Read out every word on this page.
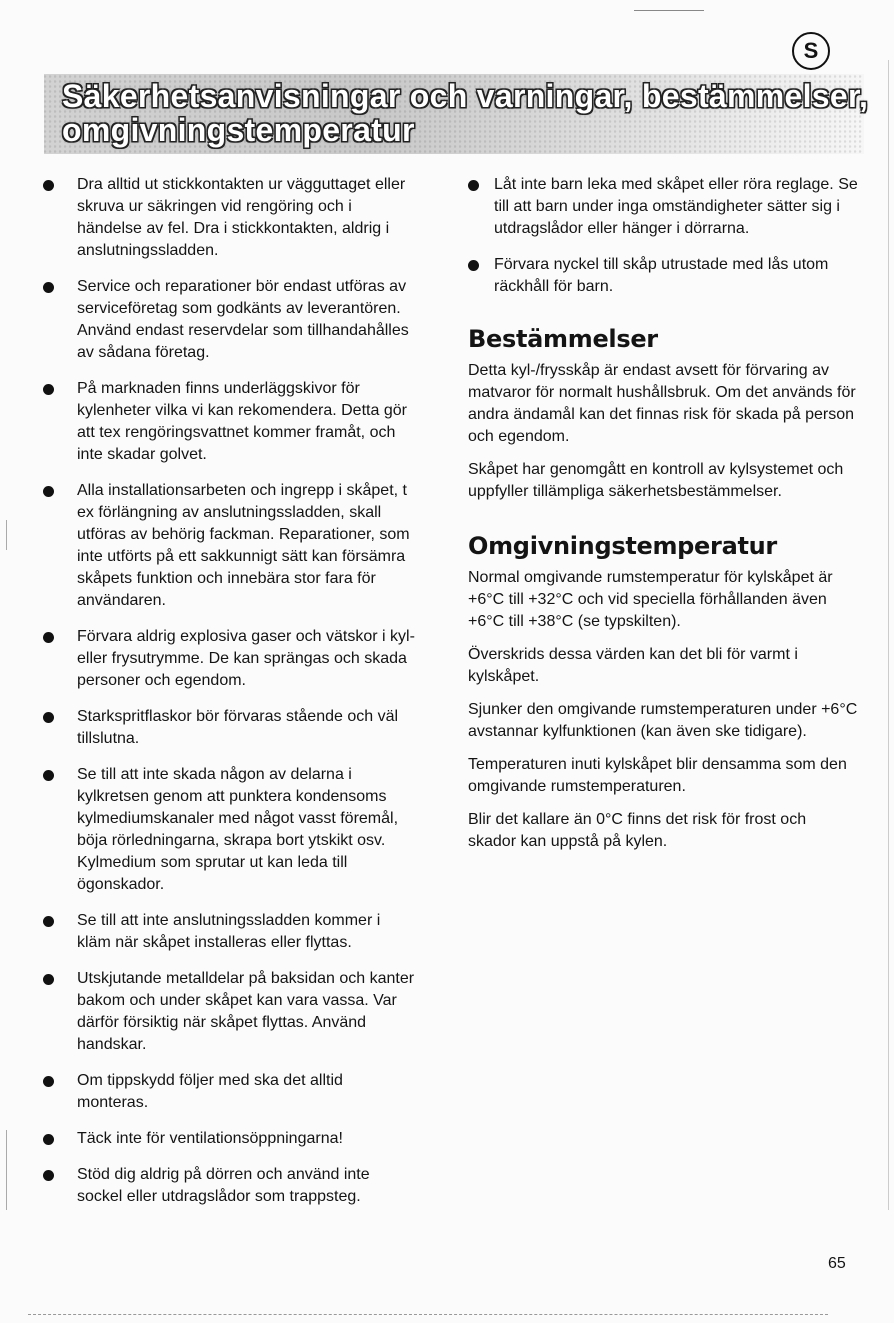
S
Säkerhetsanvisningar och varningar, bestämmelser,
omgivningstemperatur
Dra alltid ut stickkontakten ur vägguttaget eller skruva ur säkringen vid rengöring och i händelse av fel. Dra i stickkontakten, aldrig i anslutningssladden.
Service och reparationer bör endast utföras av serviceföretag som godkänts av leverantören. Använd endast reservdelar som tillhandahålles av sådana företag.
På marknaden finns underläggskivor för kylenheter vilka vi kan rekomendera. Detta gör att tex rengöringsvattnet kommer framåt, och inte skadar golvet.
Alla installationsarbeten och ingrepp i skåpet, t ex förlängning av anslutningssladden, skall utföras av behörig fackman. Reparationer, som inte utförts på ett sakkunnigt sätt kan försämra skåpets funktion och innebära stor fara för användaren.
Förvara aldrig explosiva gaser och vätskor i kyl- eller frysutrymme. De kan sprängas och skada personer och egendom.
Starkspritflaskor bör förvaras stående och väl tillslutna.
Se till att inte skada någon av delarna i kylkretsen genom att punktera kondensoms kylmediumskanaler med något vasst föremål, böja rörledningarna, skrapa bort ytskikt osv. Kylmedium som sprutar ut kan leda till ögonskador.
Se till att inte anslutningssladden kommer i kläm när skåpet installeras eller flyttas.
Utskjutande metalldelar på baksidan och kanter bakom och under skåpet kan vara vassa. Var därför försiktig när skåpet flyttas. Använd handskar.
Om tippskydd följer med ska det alltid monteras.
Täck inte för ventilationsöppningarna!
Stöd dig aldrig på dörren och använd inte sockel eller utdragslådor som trappsteg.
Låt inte barn leka med skåpet eller röra reglage. Se till att barn under inga omständigheter sätter sig i utdragslådor eller hänger i dörrarna.
Förvara nyckel till skåp utrustade med lås utom räckhåll för barn.
Bestämmelser

Detta kyl-/frysskåp är endast avsett för förvaring av matvaror för normalt hushållsbruk. Om det används för andra ändamål kan det finnas risk för skada på person och egendom.

Skåpet har genomgått en kontroll av kylsystemet och uppfyller tillämpliga säkerhetsbestämmelser.

Omgivningstemperatur

Normal omgivande rumstemperatur för kylskåpet är +6°C till +32°C och vid speciella förhållanden även +6°C till +38°C (se typskilten).

Överskrids dessa värden kan det bli för varmt i kylskåpet.

Sjunker den omgivande rumstemperaturen under +6°C avstannar kylfunktionen (kan även ske tidigare).

Temperaturen inuti kylskåpet blir densamma som den omgivande rumstemperaturen.

Blir det kallare än 0°C finns det risk för frost och skador kan uppstå på kylen.

65
